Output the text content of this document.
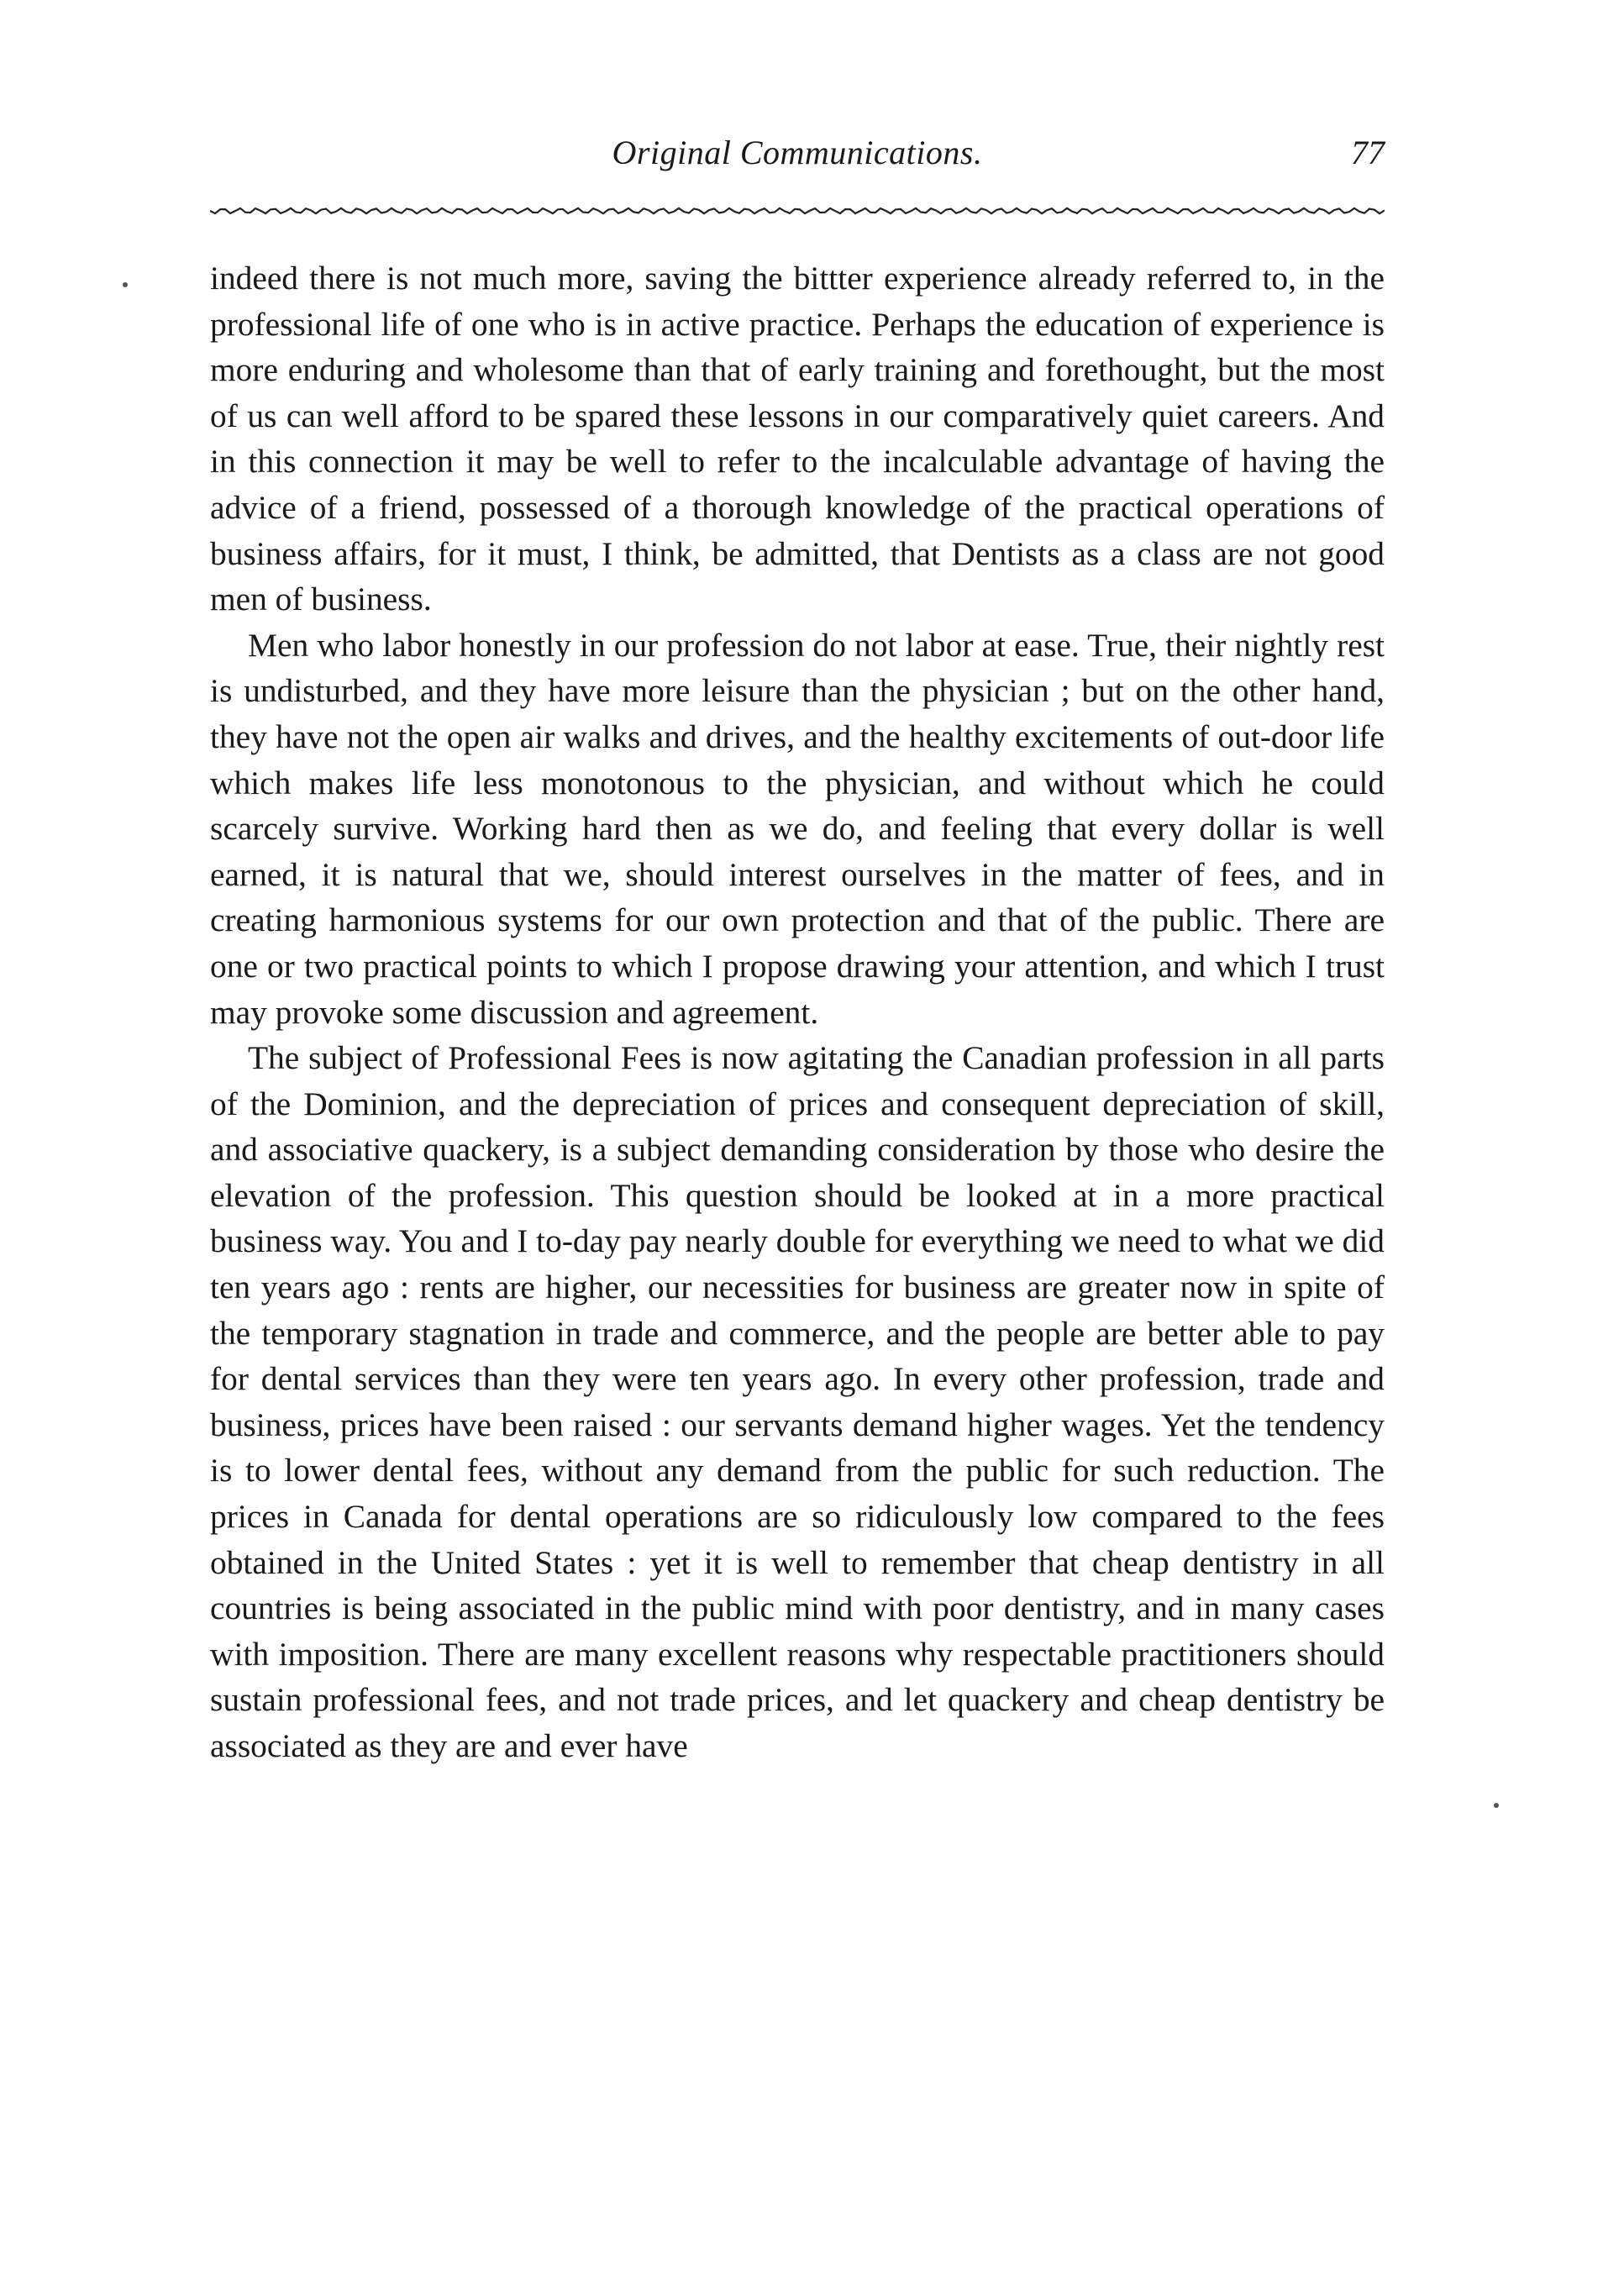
Original Communications.	77

indeed there is not much more, saving the bittter experience already referred to, in the professional life of one who is in active practice. Perhaps the education of experience is more enduring and wholesome than that of early training and forethought, but the most of us can well afford to be spared these lessons in our comparatively quiet careers. And in this connection it may be well to refer to the incalculable advantage of having the advice of a friend, possessed of a thorough knowledge of the practical operations of business affairs, for it must, I think, be admitted, that Dentists as a class are not good men of business.

Men who labor honestly in our profession do not labor at ease. True, their nightly rest is undisturbed, and they have more leisure than the physician ; but on the other hand, they have not the open air walks and drives, and the healthy excitements of out-door life which makes life less monotonous to the physician, and without which he could scarcely survive. Working hard then as we do, and feeling that every dollar is well earned, it is natural that we, should interest ourselves in the matter of fees, and in creating harmonious systems for our own protection and that of the public. There are one or two practical points to which I propose drawing your attention, and which I trust may provoke some discussion and agreement.

The subject of Professional Fees is now agitating the Canadian profession in all parts of the Dominion, and the depreciation of prices and consequent depreciation of skill, and associative quackery, is a subject demanding consideration by those who desire the elevation of the profession. This question should be looked at in a more practical business way. You and I to-day pay nearly double for everything we need to what we did ten years ago : rents are higher, our necessities for business are greater now in spite of the temporary stagnation in trade and commerce, and the people are better able to pay for dental services than they were ten years ago. In every other profession, trade and business, prices have been raised : our servants demand higher wages. Yet the tendency is to lower dental fees, without any demand from the public for such reduction. The prices in Canada for dental operations are so ridiculously low compared to the fees obtained in the United States : yet it is well to remember that cheap dentistry in all countries is being associated in the public mind with poor dentistry, and in many cases with imposition. There are many excellent reasons why respectable practitioners should sustain professional fees, and not trade prices, and let quackery and cheap dentistry be associated as they are and ever have
